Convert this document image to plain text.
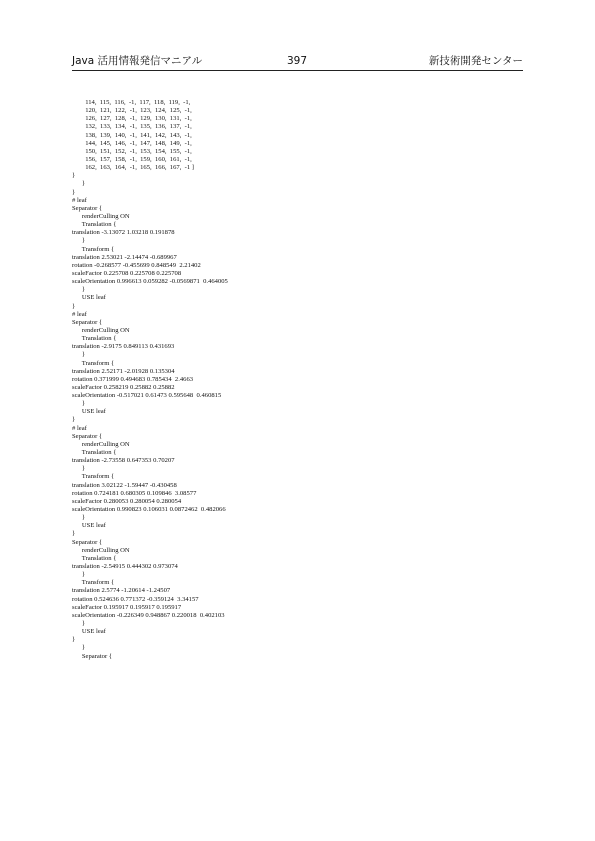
Java 活用情報発信マニアル	397	新技術開発センター
114,  115,  116,  -1,  117,  118,  119,  -1,
120,  121,  122,  -1,  123,  124,  125,  -1,
126,  127,  128,  -1,  129,  130,  131,  -1,
132,  133,  134,  -1,  135,  136,  137,  -1,
138,  139,  140,  -1,  141,  142,  143,  -1,
144,  145,  146,  -1,  147,  148,  149,  -1,
150,  151,  152,  -1,  153,  154,  155,  -1,
156,  157,  158,  -1,  159,  160,  161,  -1,
162,  163,  164,  -1,  165,  166,  167,  -1 ]
}
}
}
# leaf
Separator {
renderCulling ON
Translation {
translation -3.13072 1.03218 0.191878
}
Transform {
translation 2.53021 -2.14474 -0.689967
rotation -0.268577 -0.455699 0.848549  2.21402
scaleFactor 0.225708 0.225708 0.225708
scaleOrientation 0.996613 0.059282 -0.0569871  0.464005
}
USE leaf
}
# leaf
Separator {
renderCulling ON
Translation {
translation -2.9175 0.849113 0.431693
}
Transform {
translation 2.52171 -2.01928 0.135304
rotation 0.371999 0.494683 0.785434  2.4663
scaleFactor 0.258219 0.25882 0.25882
scaleOrientation -0.517021 0.61473 0.595648  0.460815
}
USE leaf
}
# leaf
Separator {
renderCulling ON
Translation {
translation -2.73558 0.647353 0.70207
}
Transform {
translation 3.02122 -1.59447 -0.430458
rotation 0.724181 0.680305 0.109846  3.08577
scaleFactor 0.280053 0.280054 0.280054
scaleOrientation 0.990823 0.106031 0.0872462  0.482066
}
USE leaf
}
Separator {
renderCulling ON
Translation {
translation -2.54915 0.444302 0.973074
}
Transform {
translation 2.5774 -1.20614 -1.24507
rotation 0.524636 0.771372 -0.359124  3.34157
scaleFactor 0.195917 0.195917 0.195917
scaleOrientation -0.226349 0.948867 0.220018  0.402103
}
USE leaf
}
}
Separator {
